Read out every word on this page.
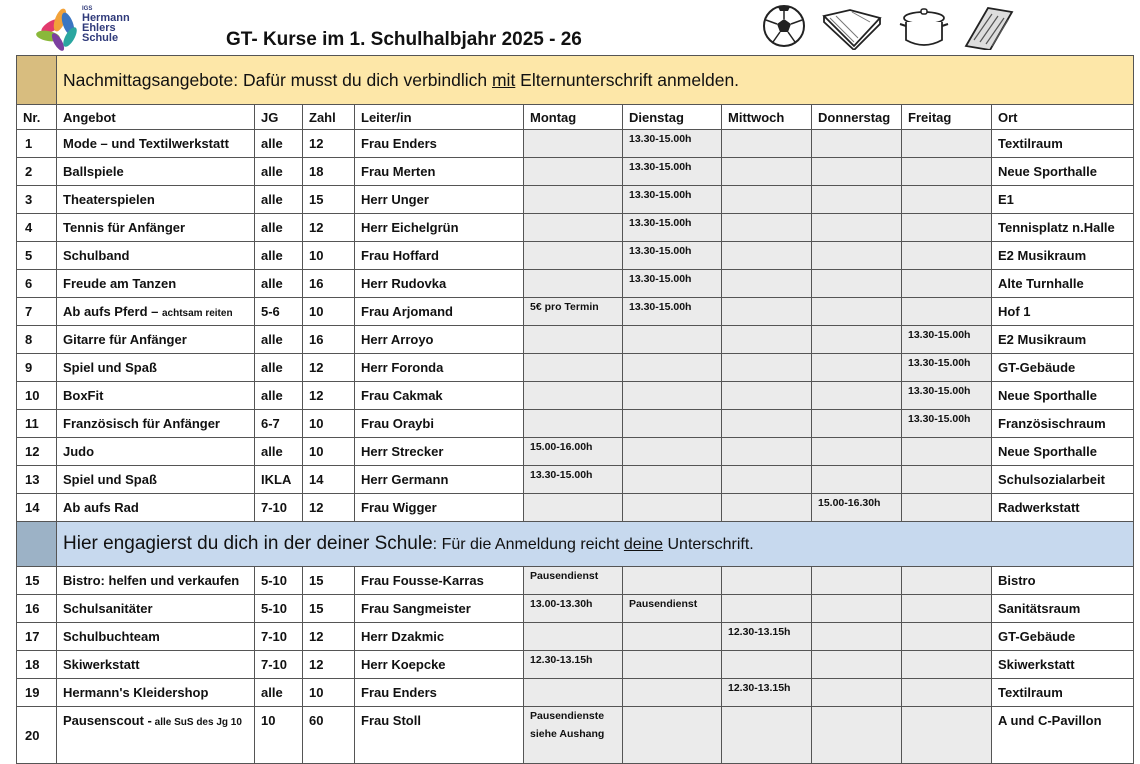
IGS
Hermann
Ehlers
Schule	GT- Kurse im 1. Schulhalbjahr 2025 - 26
	Nachmittagsangebote: Dafür musst du dich verbindlich mit Elternunterschrift anmelden.									
Nr.	Angebot	JG	Zahl	Leiter/in	Montag	Dienstag	Mittwoch	Donnerstag	Freitag	Ort
1	Mode – und Textilwerkstatt	alle	12	Frau Enders		13.30-15.00h				Textilraum
2	Ballspiele	alle	18	Frau Merten		13.30-15.00h				Neue Sporthalle
3	Theaterspielen	alle	15	Herr Unger		13.30-15.00h				E1
4	Tennis für Anfänger	alle	12	Herr Eichelgrün		13.30-15.00h				Tennisplatz n.Halle
5	Schulband	alle	10	Frau Hoffard		13.30-15.00h				E2 Musikraum
6	Freude am Tanzen	alle	16	Herr Rudovka		13.30-15.00h				Alte Turnhalle
7	Ab aufs Pferd – achtsam reiten	5-6	10	Frau Arjomand	5€ pro Termin	13.30-15.00h				Hof 1
8	Gitarre für Anfänger	alle	16	Herr Arroyo					13.30-15.00h	E2 Musikraum
9	Spiel und Spaß	alle	12	Herr Foronda					13.30-15.00h	GT-Gebäude
10	BoxFit	alle	12	Frau Cakmak					13.30-15.00h	Neue Sporthalle
11	Französisch für Anfänger	6-7	10	Frau Oraybi					13.30-15.00h	Französischraum
12	Judo	alle	10	Herr Strecker	15.00-16.00h					Neue Sporthalle
13	Spiel und Spaß	IKLA	14	Herr Germann	13.30-15.00h					Schulsozialarbeit
14	Ab aufs Rad	7-10	12	Frau Wigger				15.00-16.30h		Radwerkstatt
	Hier engagierst du dich in der deiner Schule: Für die Anmeldung reicht deine Unterschrift.									
15	Bistro: helfen und verkaufen	5-10	15	Frau Fousse-Karras	Pausendienst					Bistro
16	Schulsanitäter	5-10	15	Frau Sangmeister	13.00-13.30h	Pausendienst				Sanitätsraum
17	Schulbuchteam	7-10	12	Herr Dzakmic			12.30-13.15h			GT-Gebäude
18	Skiwerkstatt	7-10	12	Herr Koepcke	12.30-13.15h					Skiwerkstatt
19	Hermann's Kleidershop	alle	10	Frau Enders			12.30-13.15h			Textilraum
20	Pausenscout - alle SuS des Jg 10	10	60	Frau Stoll	Pausendienste
siehe Aushang					A und C-Pavillon
